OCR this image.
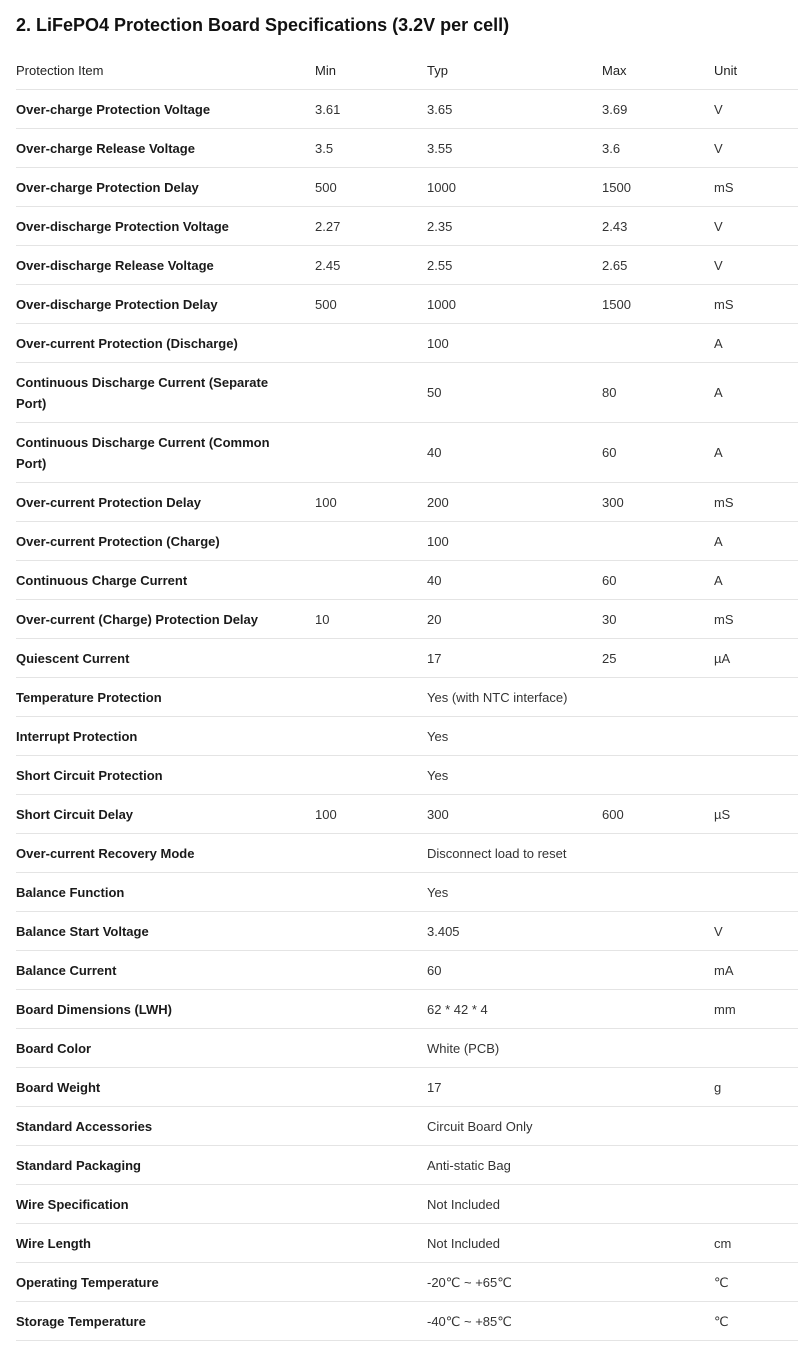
2. LiFePO4 Protection Board Specifications (3.2V per cell)
Protection Item	Min	Typ	Max	Unit
Over-charge Protection Voltage	3.61	3.65	3.69	V
Over-charge Release Voltage	3.5	3.55	3.6	V
Over-charge Protection Delay	500	1000	1500	mS
Over-discharge Protection Voltage	2.27	2.35	2.43	V
Over-discharge Release Voltage	2.45	2.55	2.65	V
Over-discharge Protection Delay	500	1000	1500	mS
Over-current Protection (Discharge)		100		A
Continuous Discharge Current (Separate Port)		50	80	A
Continuous Discharge Current (Common Port)		40	60	A
Over-current Protection Delay	100	200	300	mS
Over-current Protection (Charge)		100		A
Continuous Charge Current		40	60	A
Over-current (Charge) Protection Delay	10	20	30	mS
Quiescent Current		17	25	µA
Temperature Protection		Yes (with NTC interface)		
Interrupt Protection		Yes		
Short Circuit Protection		Yes		
Short Circuit Delay	100	300	600	µS
Over-current Recovery Mode		Disconnect load to reset		
Balance Function		Yes		
Balance Start Voltage		3.405		V
Balance Current		60		mA
Board Dimensions (LWH)		62 * 42 * 4		mm
Board Color		White (PCB)		
Board Weight		17		g
Standard Accessories		Circuit Board Only		
Standard Packaging		Anti-static Bag		
Wire Specification		Not Included		
Wire Length		Not Included		cm
Operating Temperature		-20℃ ~ +65℃		℃
Storage Temperature		-40℃ ~ +85℃		℃
